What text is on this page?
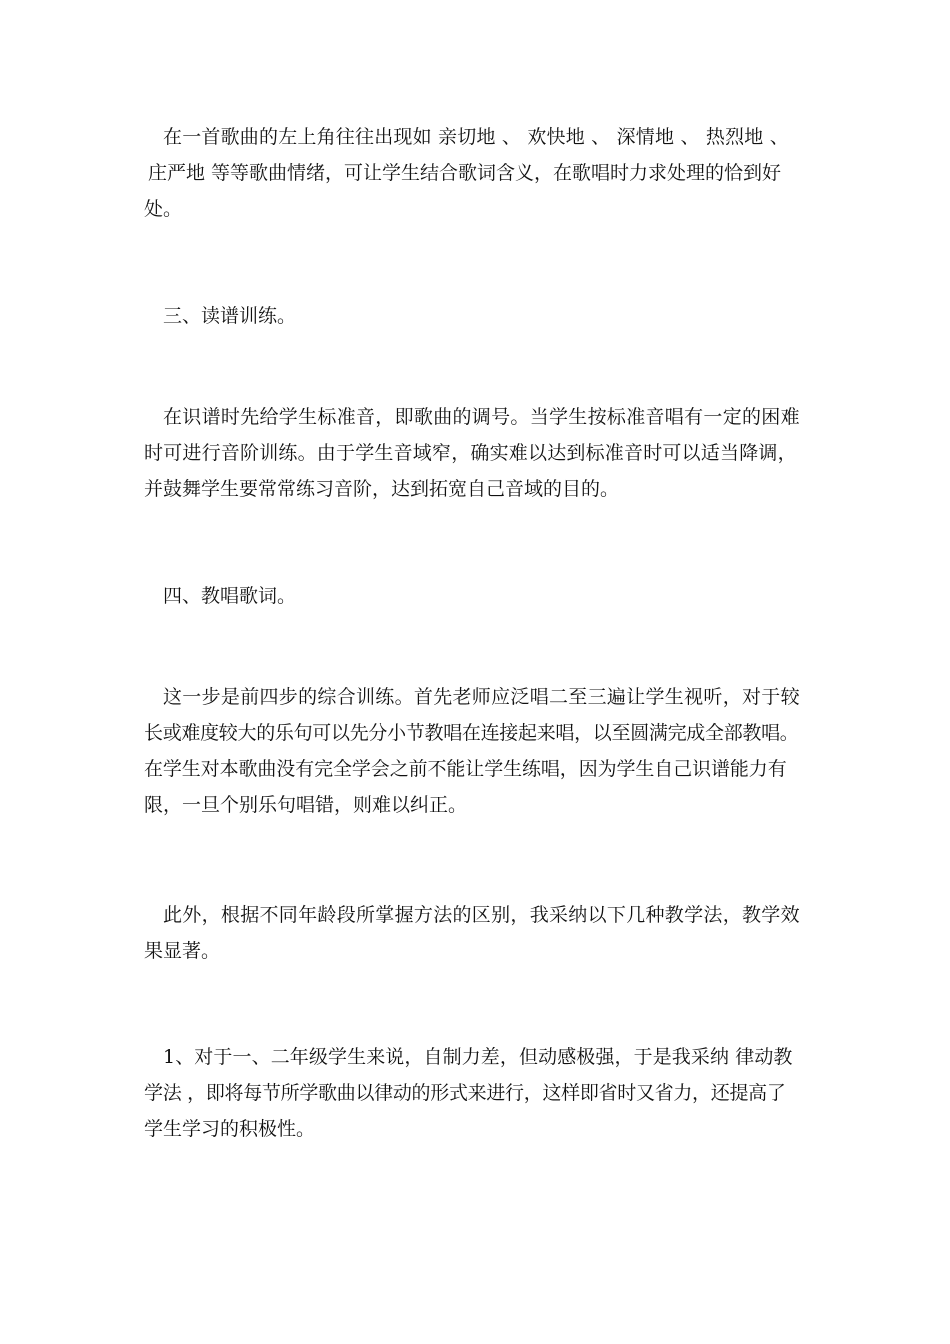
在一首歌曲的左上角往往出现如 亲切地 、 欢快地 、 深情地 、 热烈地 、
庄严地 等等歌曲情绪，可让学生结合歌词含义，在歌唱时力求处理的恰到好
处。
三、读谱训练。
在识谱时先给学生标准音，即歌曲的调号。当学生按标准音唱有一定的困难
时可进行音阶训练。由于学生音域窄，确实难以达到标准音时可以适当降调，
并鼓舞学生要常常练习音阶，达到拓宽自己音域的目的。
四、教唱歌词。
这一步是前四步的综合训练。首先老师应泛唱二至三遍让学生视听，对于较
长或难度较大的乐句可以先分小节教唱在连接起来唱，以至圆满完成全部教唱。
在学生对本歌曲没有完全学会之前不能让学生练唱，因为学生自己识谱能力有
限，一旦个别乐句唱错，则难以纠正。
此外，根据不同年龄段所掌握方法的区别，我采纳以下几种教学法，教学效
果显著。
1、对于一、二年级学生来说，自制力差，但动感极强，于是我采纳 律动教
学法 ，即将每节所学歌曲以律动的形式来进行，这样即省时又省力，还提高了
学生学习的积极性。
